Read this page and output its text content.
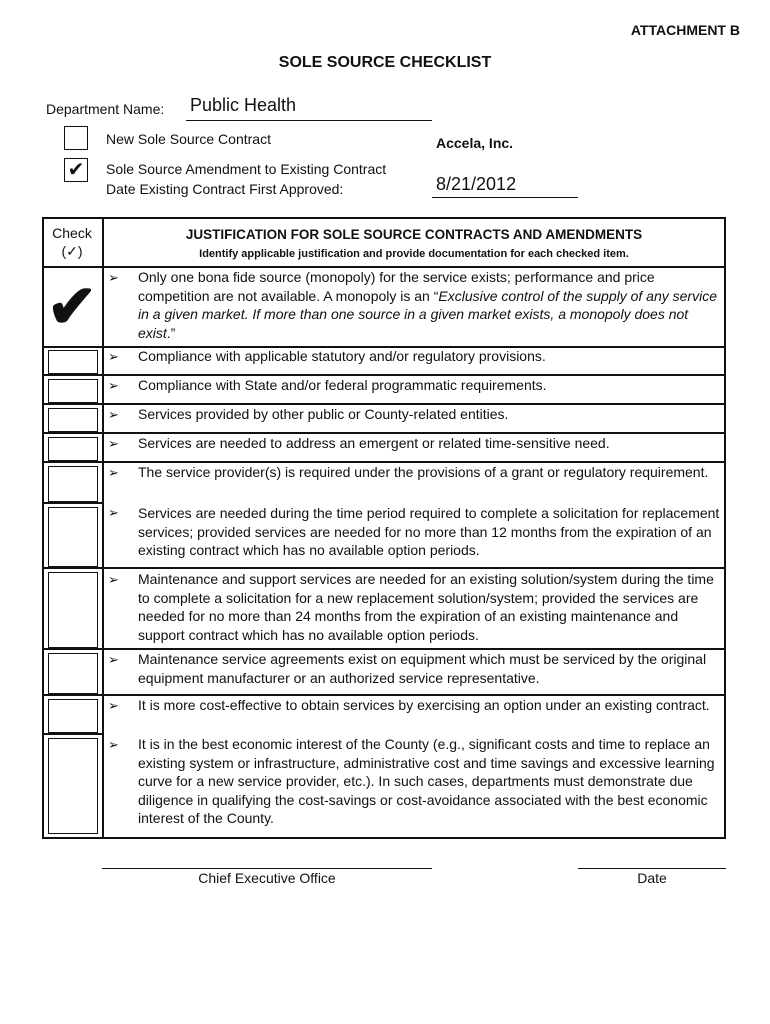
ATTACHMENT B
SOLE SOURCE CHECKLIST
Department Name: Public Health
New Sole Source Contract
✔ Sole Source Amendment to Existing Contract
Date Existing Contract First Approved:
Accela, Inc.
8/21/2012
Check
(✓)
JUSTIFICATION FOR SOLE SOURCE CONTRACTS AND AMENDMENTS
Identify applicable justification and provide documentation for each checked item.
✔ ➢
➢
➢
➢
➢
➢
➢
➢
➢
➢
➢
Only one bona fide source (monopoly) for the service exists; performance and price competition are not available. A monopoly is an “Exclusive control of the supply of any service in a given market. If more than one source in a given market exists, a monopoly does not exist.”
Compliance with applicable statutory and/or regulatory provisions.
Compliance with State and/or federal programmatic requirements.
Services provided by other public or County-related entities.
Services are needed to address an emergent or related time-sensitive need.
The service provider(s) is required under the provisions of a grant or regulatory requirement.
Services are needed during the time period required to complete a solicitation for replacement services; provided services are needed for no more than 12 months from the expiration of an existing contract which has no available option periods.
Maintenance and support services are needed for an existing solution/system during the time to complete a solicitation for a new replacement solution/system; provided the services are needed for no more than 24 months from the expiration of an existing maintenance and support contract which has no available option periods.
Maintenance service agreements exist on equipment which must be serviced by the original equipment manufacturer or an authorized service representative.
It is more cost-effective to obtain services by exercising an option under an existing contract.
It is in the best economic interest of the County (e.g., significant costs and time to replace an existing system or infrastructure, administrative cost and time savings and excessive learning curve for a new service provider, etc.). In such cases, departments must demonstrate due diligence in qualifying the cost-savings or cost-avoidance associated with the best economic interest of the County.
Chief Executive Office	Date
